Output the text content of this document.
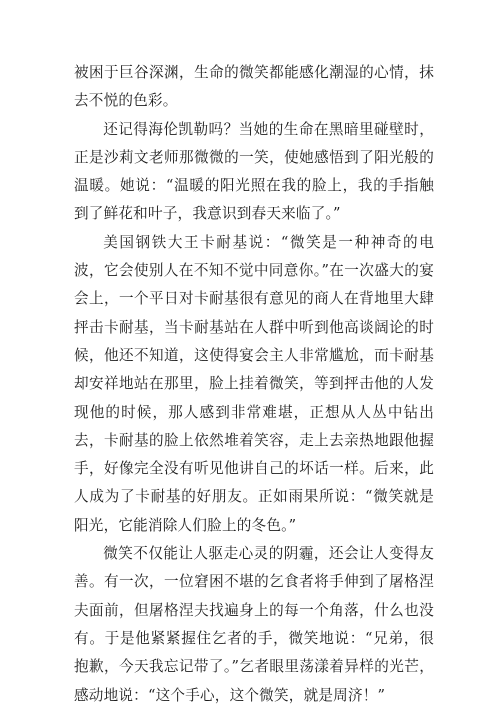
被困于巨谷深渊，生命的微笑都能感化潮湿的心情，抹去不悦的色彩。

还记得海伦凯勒吗？当她的生命在黑暗里碰壁时，正是沙莉文老师那微微的一笑，使她感悟到了阳光般的温暖。她说：“温暖的阳光照在我的脸上，我的手指触到了鲜花和叶子，我意识到春天来临了。”

美国钢铁大王卡耐基说：“微笑是一种神奇的电波，它会使别人在不知不觉中同意你。”在一次盛大的宴会上，一个平日对卡耐基很有意见的商人在背地里大肆抨击卡耐基，当卡耐基站在人群中听到他高谈阔论的时候，他还不知道，这使得宴会主人非常尴尬，而卡耐基却安祥地站在那里，脸上挂着微笑，等到抨击他的人发现他的时候，那人感到非常难堪，正想从人丛中钻出去，卡耐基的脸上依然堆着笑容，走上去亲热地跟他握手，好像完全没有听见他讲自己的坏话一样。后来，此人成为了卡耐基的好朋友。正如雨果所说：“微笑就是阳光，它能消除人们脸上的冬色。”

微笑不仅能让人驱走心灵的阴霾，还会让人变得友善。有一次，一位窘困不堪的乞食者将手伸到了屠格涅夫面前，但屠格涅夫找遍身上的每一个角落，什么也没有。于是他紧紧握住乞者的手，微笑地说：“兄弟，很抱歉，今天我忘记带了。”乞者眼里荡漾着异样的光芒，感动地说：“这个手心，这个微笑，就是周济！”
